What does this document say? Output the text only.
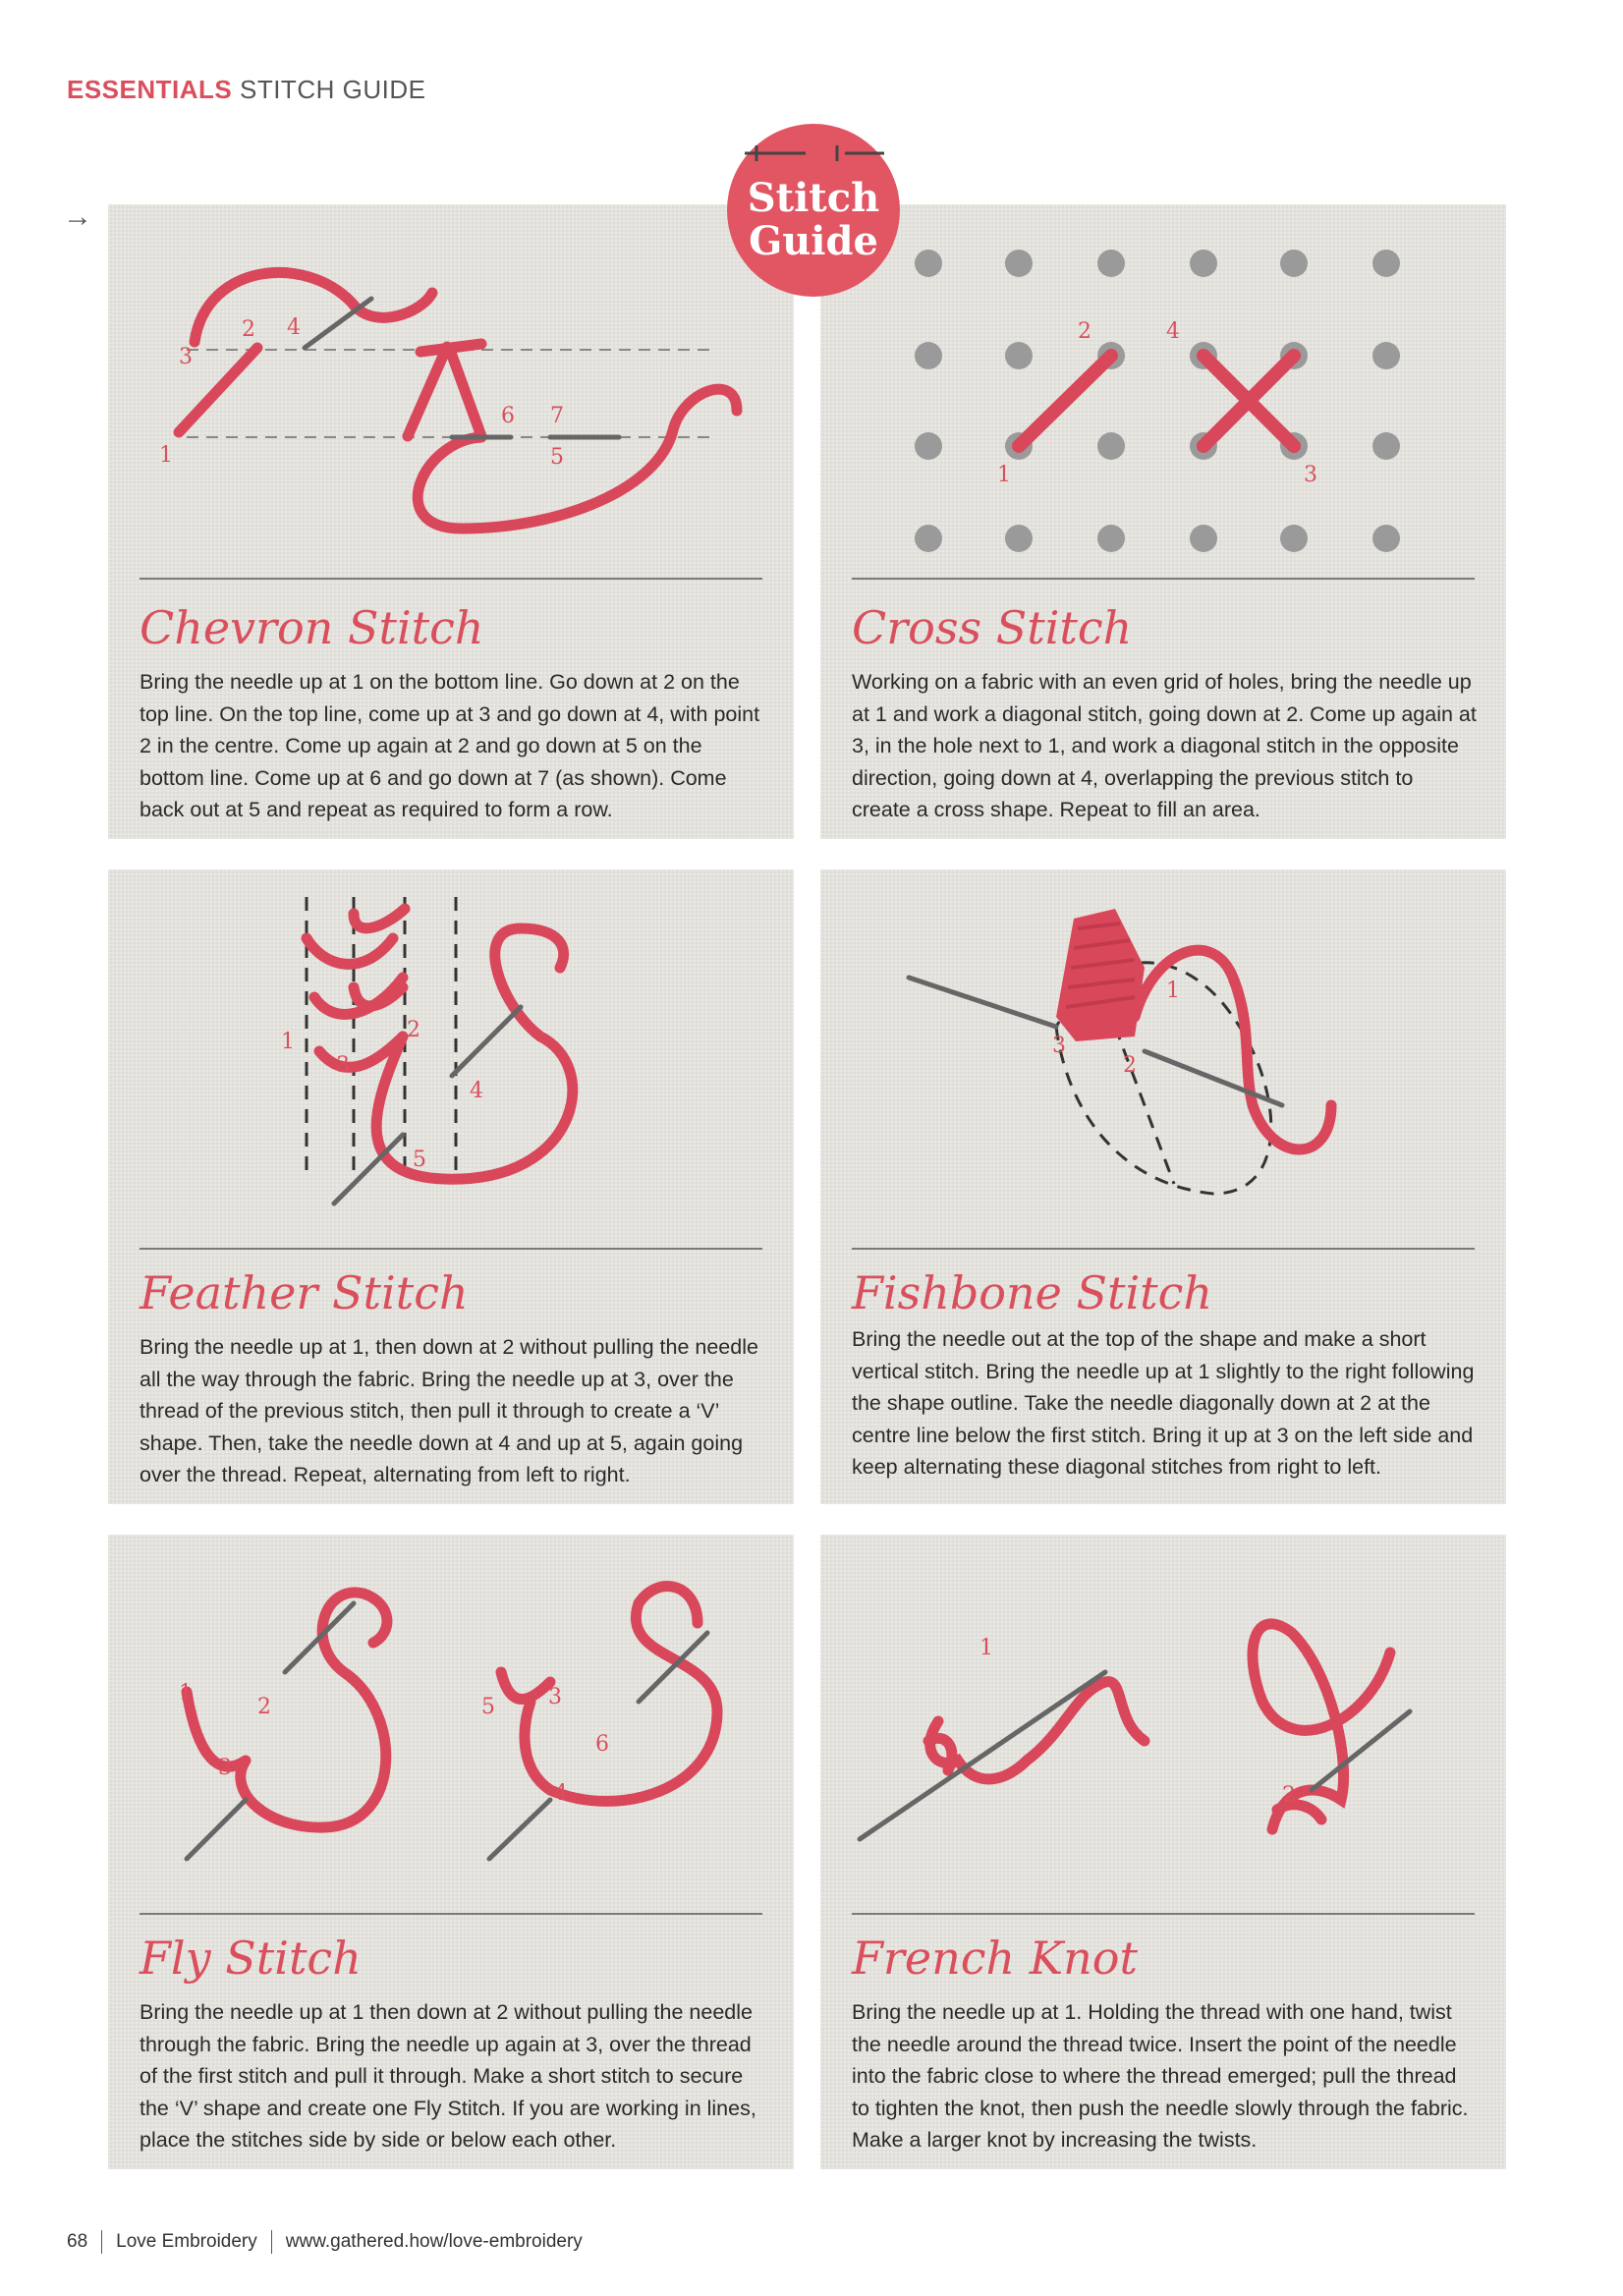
ESSENTIALS STITCH GUIDE
→
3
2 4
1
6 7
5
Chevron Stitch

Bring the needle up at 1 on the bottom line. Go down at 2 on the top line. On the top line, come up at 3 and go down at 4, with point 2 in the centre. Come up again at 2 and go down at 5 on the bottom line. Come up at 6 and go down at 7 (as shown). Come back out at 5 and repeat as required to form a row.

2	4
1	3
Cross Stitch

Working on a fabric with an even grid of holes, bring the needle up at 1 and work a diagonal stitch, going down at 2. Come up again at 3, in the hole next to 1, and work a diagonal stitch in the opposite direction, going down at 4, overlapping the previous stitch to create a cross shape. Repeat to fill an area.

1	2
3
4
5
Feather Stitch

Bring the needle up at 1, then down at 2 without pulling the needle all the way through the fabric. Bring the needle up at 3, over the thread of the previous stitch, then pull it through to create a ‘V’ shape. Then, take the needle down at 4 and up at 5, again going over the thread. Repeat, alternating from left to right.

1
2
3
Fishbone Stitch

Bring the needle out at the top of the shape and make a short vertical stitch. Bring the needle up at 1 slightly to the right following the shape outline. Take the needle diagonally down at 2 at the centre line below the first stitch. Bring it up at 3 on the left side and keep alternating these diagonal stitches from right to left.

1
2
3
5 3
6
4
Fly Stitch

Bring the needle up at 1 then down at 2 without pulling the needle through the fabric. Bring the needle up again at 3, over the thread of the first stitch and pull it through. Make a short stitch to secure the ‘V’ shape and create one Fly Stitch. If you are working in lines, place the stitches side by side or below each other.

1
2
French Knot

Bring the needle up at 1. Holding the thread with one hand, twist the needle around the thread twice. Insert the point of the needle into the fabric close to where the thread emerged; pull the thread to tighten the knot, then push the needle slowly through the fabric. Make a larger knot by increasing the twists.

Stitch
Guide
68 Love Embroidery www.gathered.how/love-embroidery
